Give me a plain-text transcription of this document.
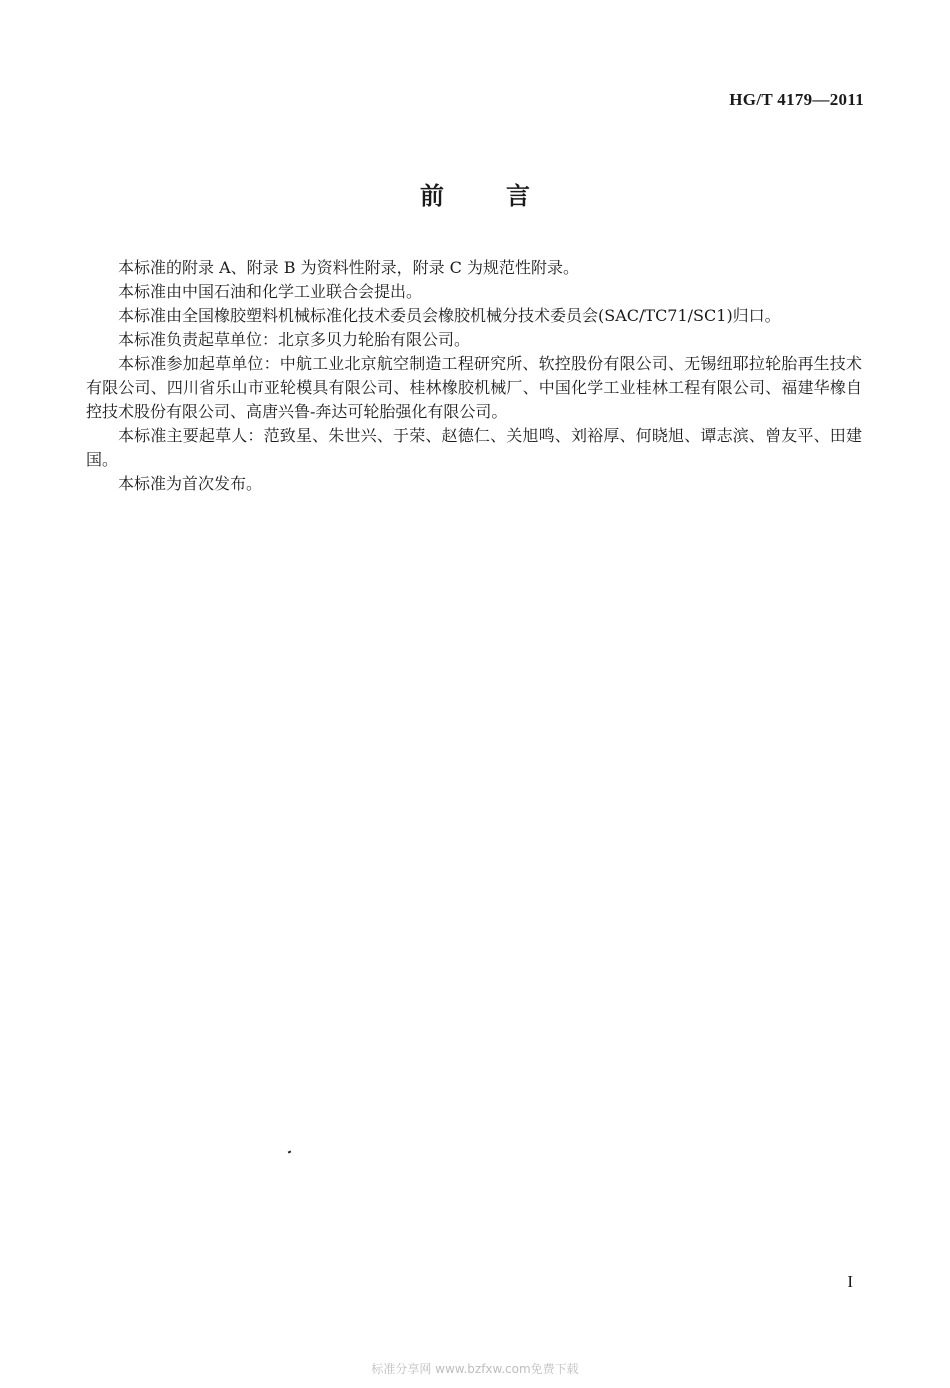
HG/T 4179—2011
前言

本标准的附录 A、附录 B 为资料性附录，附录 C 为规范性附录。

本标准由中国石油和化学工业联合会提出。

本标准由全国橡胶塑料机械标准化技术委员会橡胶机械分技术委员会(SAC/TC71/SC1)归口。

本标准负责起草单位：北京多贝力轮胎有限公司。

本标准参加起草单位：中航工业北京航空制造工程研究所、软控股份有限公司、无锡纽耶拉轮胎再生技术有限公司、四川省乐山市亚轮模具有限公司、桂林橡胶机械厂、中国化学工业桂林工程有限公司、福建华橡自控技术股份有限公司、高唐兴鲁-奔达可轮胎强化有限公司。

本标准主要起草人：范致星、朱世兴、于荣、赵德仁、关旭鸣、刘裕厚、何晓旭、谭志滨、曾友平、田建国。

本标准为首次发布。

I
标准分享网 www.bzfxw.com免费下载
